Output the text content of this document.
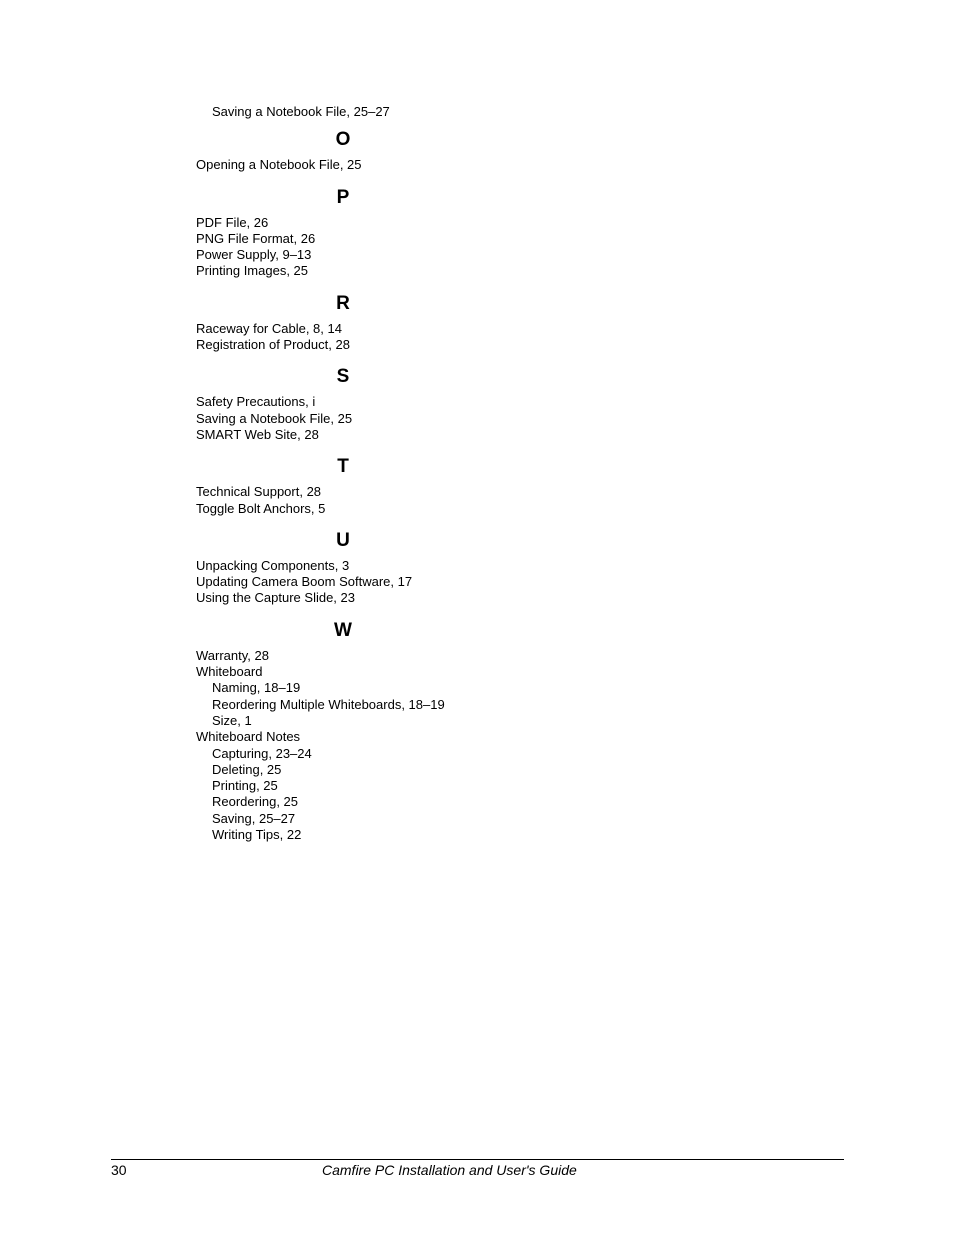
Saving a Notebook File, 25–27
O
Opening a Notebook File, 25
P
PDF File, 26
PNG File Format, 26
Power Supply, 9–13
Printing Images, 25
R
Raceway for Cable, 8, 14
Registration of Product, 28
S
Safety Precautions, i
Saving a Notebook File, 25
SMART Web Site, 28
T
Technical Support, 28
Toggle Bolt Anchors, 5
U
Unpacking Components, 3
Updating Camera Boom Software, 17
Using the Capture Slide, 23
W
Warranty, 28
Whiteboard
Naming, 18–19
Reordering Multiple Whiteboards, 18–19
Size, 1
Whiteboard Notes
Capturing, 23–24
Deleting, 25
Printing, 25
Reordering, 25
Saving, 25–27
Writing Tips, 22
30	Camfire PC Installation and User's Guide
